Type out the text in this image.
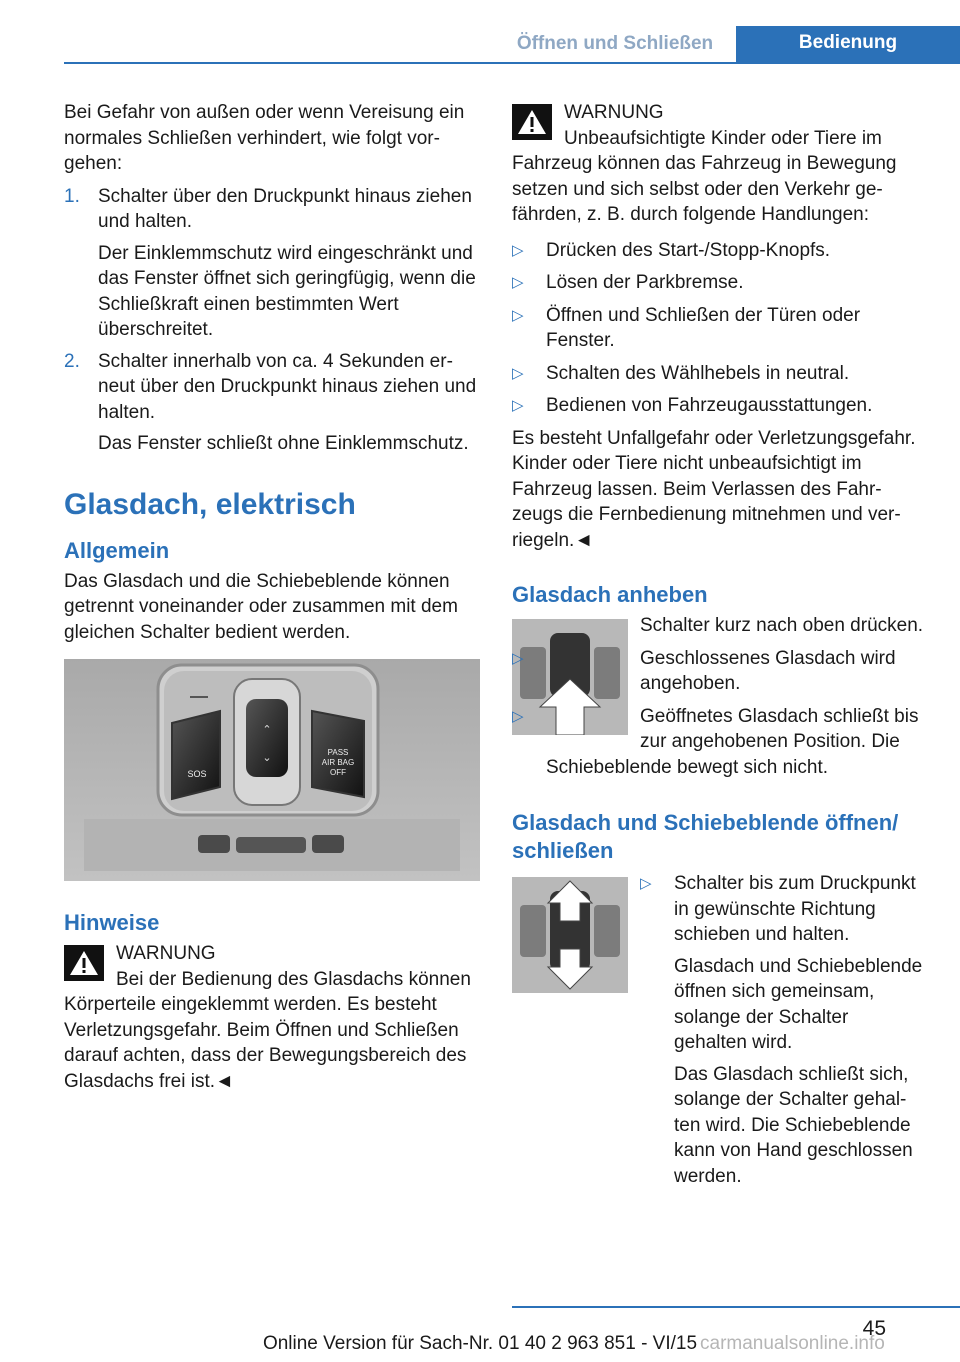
Öffnen und Schließen	Bedienung

Bei Gefahr von außen oder wenn Vereisung ein normales Schließen verhindert, wie folgt vorgehen:

1. Schalter über den Druckpunkt hinaus ziehen und halten.
Der Einklemmschutz wird eingeschränkt und das Fenster öffnet sich geringfügig, wenn die Schließkraft einen bestimmten Wert überschreitet.
2. Schalter innerhalb von ca. 4 Sekunden erneut über den Druckpunkt hinaus ziehen und halten.
Das Fenster schließt ohne Einklemmschutz.
Glasdach, elektrisch
Allgemein

Das Glasdach und die Schiebeblende können getrennt voneinander oder zusammen mit dem gleichen Schalter bedient werden.

⌃
⌄
SOS
PASS
AIR BAG
OFF
Hinweise
WARNUNG
Bei der Bedienung des Glasdachs können Körperteile eingeklemmt werden. Es besteht Verletzungsgefahr. Beim Öffnen und Schließen darauf achten, dass der Bewegungsbereich des Glasdachs frei ist.◄
WARNUNG
Unbeaufsichtigte Kinder oder Tiere im Fahrzeug können das Fahrzeug in Bewegung setzen und sich selbst oder den Verkehr gefährden, z. B. durch folgende Handlungen:
▷ Drücken des Start-/Stopp-Knopfs.
▷ Lösen der Parkbremse.
▷ Öffnen und Schließen der Türen oder Fenster.
▷ Schalten des Wählhebels in neutral.
▷ Bedienen von Fahrzeugausstattungen.

Es besteht Unfallgefahr oder Verletzungsgefahr. Kinder oder Tiere nicht unbeaufsichtigt im Fahrzeug lassen. Beim Verlassen des Fahrzeugs die Fernbedienung mitnehmen und verriegeln.◄

Glasdach anheben

Schalter kurz nach oben drücken.

▷	Geschlossenes Glasdach wird angehoben.
▷	Geöffnetes Glasdach schließt bis zur angehobenen Position. Die Schiebeblende bewegt sich nicht.
Glasdach und Schiebeblende öffnen/ schließen
▷ Schalter bis zum Druckpunkt in gewünschte Richtung schieben und halten.
Glasdach und Schiebeblende öffnen sich gemeinsam, solange der Schalter gehalten wird.
Das Glasdach schließt sich, solange der Schalter gehalten wird. Die Schiebeblende kann von Hand geschlossen werden.
45
Online Version für Sach-Nr. 01 40 2 963 851 - VI/15 carmanualsonline.info
